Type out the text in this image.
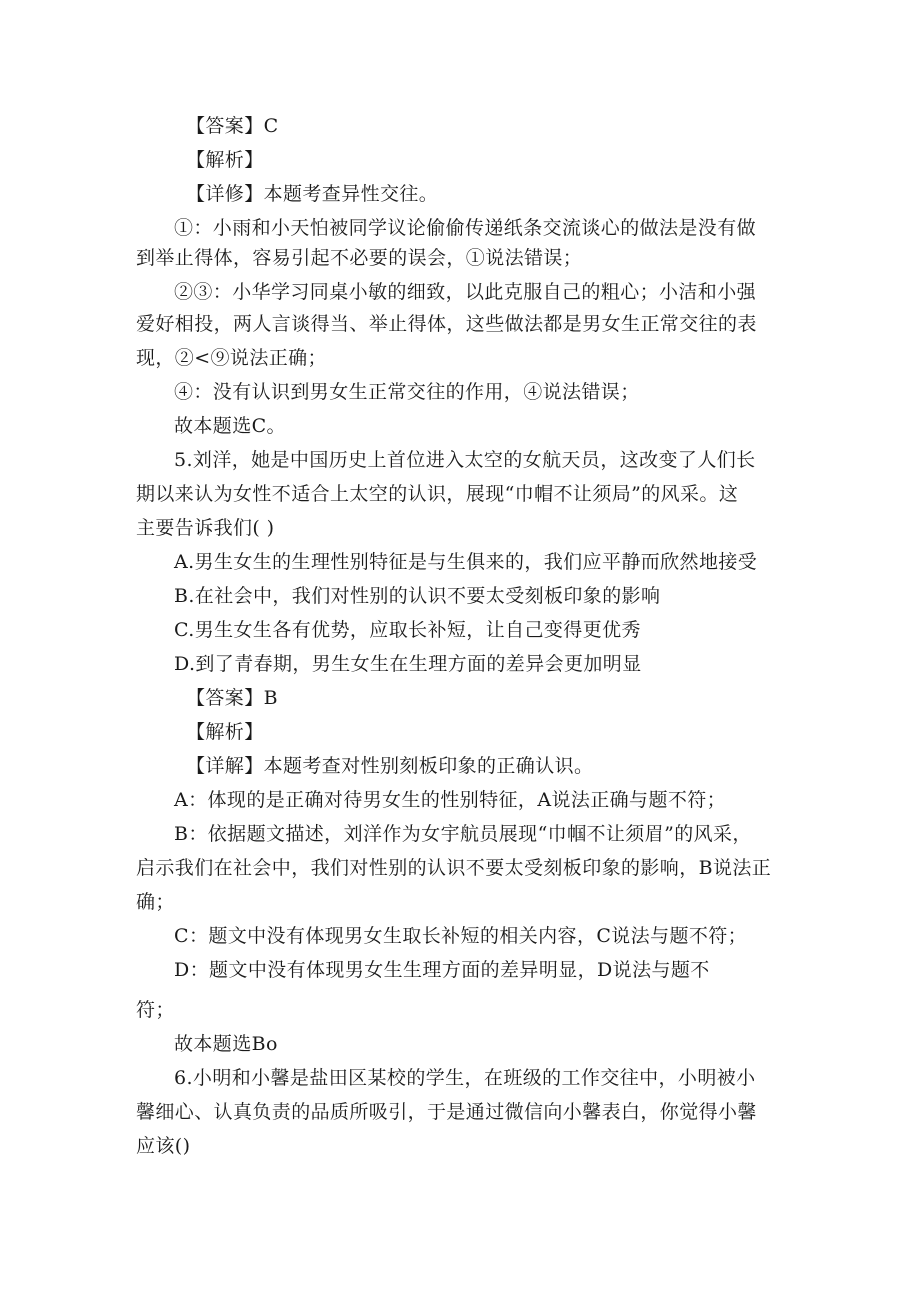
【答案】C
【解析】
【详修】本题考查异性交往。
①：小雨和小天怕被同学议论偷偷传递纸条交流谈心的做法是没有做
到举止得体，容易引起不必要的误会，①说法错误；
②③：小华学习同桌小敏的细致，以此克服自己的粗心；小洁和小强
爱好相投，两人言谈得当、举止得体，这些做法都是男女生正常交往的表
现，②<⑨说法正确；
④：没有认识到男女生正常交往的作用，④说法错误；
故本题选C。
5.刘洋，她是中国历史上首位进入太空的女航天员，这改变了人们长
期以来认为女性不适合上太空的认识，展现“巾帽不让须局”的风采。这
主要告诉我们( )
A.男生女生的生理性别特征是与生俱来的，我们应平静而欣然地接受
B.在社会中，我们对性别的认识不要太受刻板印象的影响
C.男生女生各有优势，应取长补短，让自己变得更优秀
D.到了青春期，男生女生在生理方面的差异会更加明显
【答案】B
【解析】
【详解】本题考查对性别刻板印象的正确认识。
A：体现的是正确对待男女生的性别特征，A说法正确与题不符；
B：依据题文描述，刘洋作为女宇航员展现“巾帼不让须眉”的风采，
启示我们在社会中，我们对性别的认识不要太受刻板印象的影响，B说法正
确；
C：题文中没有体现男女生取长补短的相关内容，C说法与题不符；
D：题文中没有体现男女生生理方面的差异明显，D说法与题不
符；
故本题选Bo
6.小明和小馨是盐田区某校的学生，在班级的工作交往中，小明被小
馨细心、认真负责的品质所吸引，于是通过微信向小馨表白，你觉得小馨
应该()
